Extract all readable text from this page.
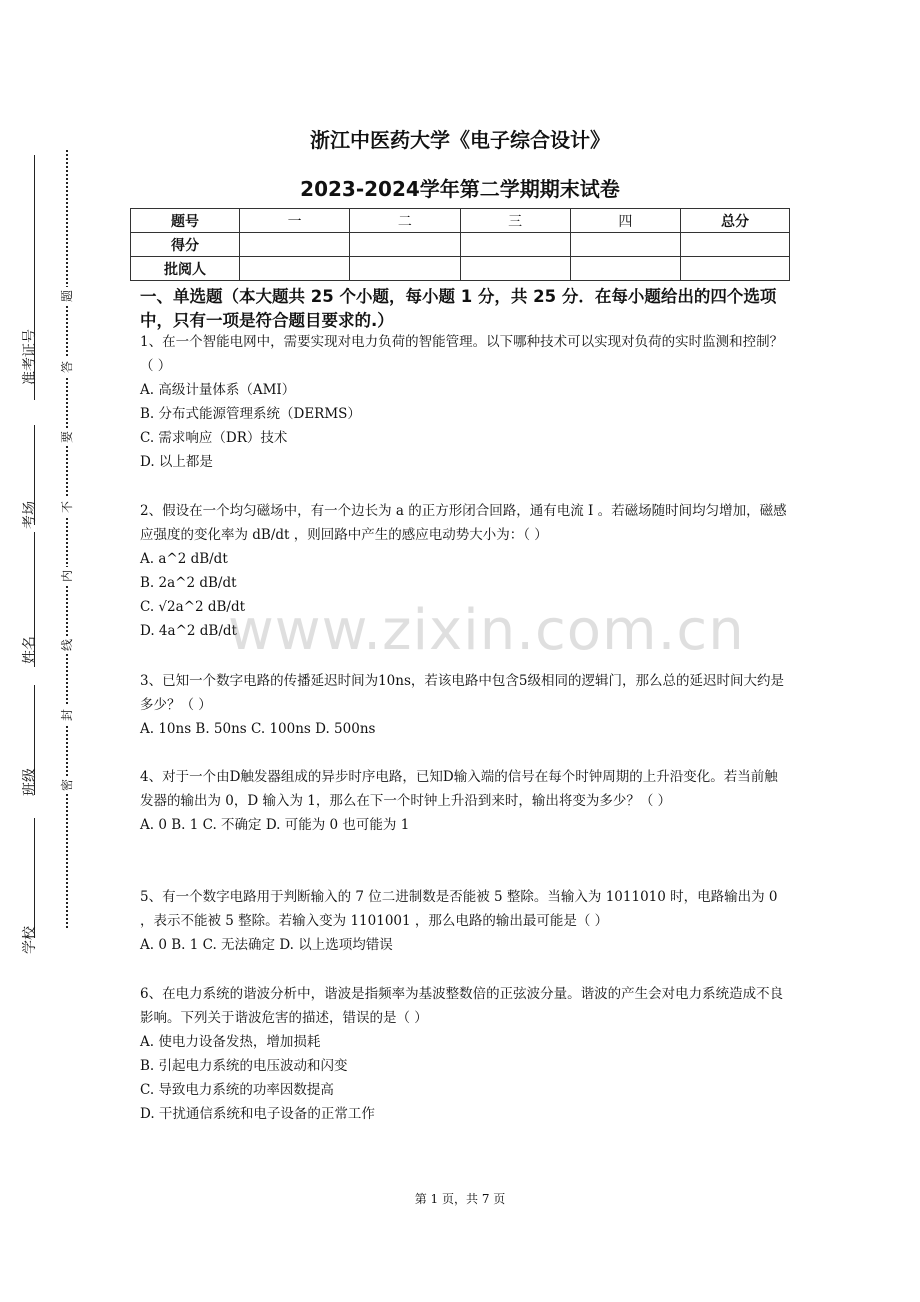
准考证号
考场
姓名
班级
学校
题
答
要
不
内
线
封
密
浙江中医药大学《电子综合设计》
2023-2024学年第二学期期末试卷
题号	一	二	三	四	总分
得分					
批阅人					
一、单选题（本大题共 25 个小题，每小题 1 分，共 25 分．在每小题给出的四个选项中，只有一项是符合题目要求的.）

1、在一个智能电网中，需要实现对电力负荷的智能管理。以下哪种技术可以实现对负荷的实时监测和控制？（ ）

A. 高级计量体系（AMI）

B. 分布式能源管理系统（DERMS）

C. 需求响应（DR）技术

D. 以上都是

2、假设在一个均匀磁场中，有一个边长为 a 的正方形闭合回路，通有电流 I 。若磁场随时间均匀增加，磁感应强度的变化率为 dB/dt ，则回路中产生的感应电动势大小为：（ ）

A. a^2 dB/dt

B. 2a^2 dB/dt

C. √2a^2 dB/dt

D. 4a^2 dB/dt

3、已知一个数字电路的传播延迟时间为10ns，若该电路中包含5级相同的逻辑门，那么总的延迟时间大约是多少？（ ）

A. 10ns B. 50ns C. 100ns D. 500ns

4、对于一个由D触发器组成的异步时序电路，已知D输入端的信号在每个时钟周期的上升沿变化。若当前触发器的输出为 0，D 输入为 1，那么在下一个时钟上升沿到来时，输出将变为多少？（ ）

A. 0 B. 1 C. 不确定 D. 可能为 0 也可能为 1

5、有一个数字电路用于判断输入的 7 位二进制数是否能被 5 整除。当输入为 1011010 时，电路输出为 0 ，表示不能被 5 整除。若输入变为 1101001 ，那么电路的输出最可能是（ ）

A. 0 B. 1 C. 无法确定 D. 以上选项均错误

6、在电力系统的谐波分析中，谐波是指频率为基波整数倍的正弦波分量。谐波的产生会对电力系统造成不良影响。下列关于谐波危害的描述，错误的是（ ）

A. 使电力设备发热，增加损耗

B. 引起电力系统的电压波动和闪变

C. 导致电力系统的功率因数提高

D. 干扰通信系统和电子设备的正常工作

www.zixin.com.cn
第 1 页，共 7 页
